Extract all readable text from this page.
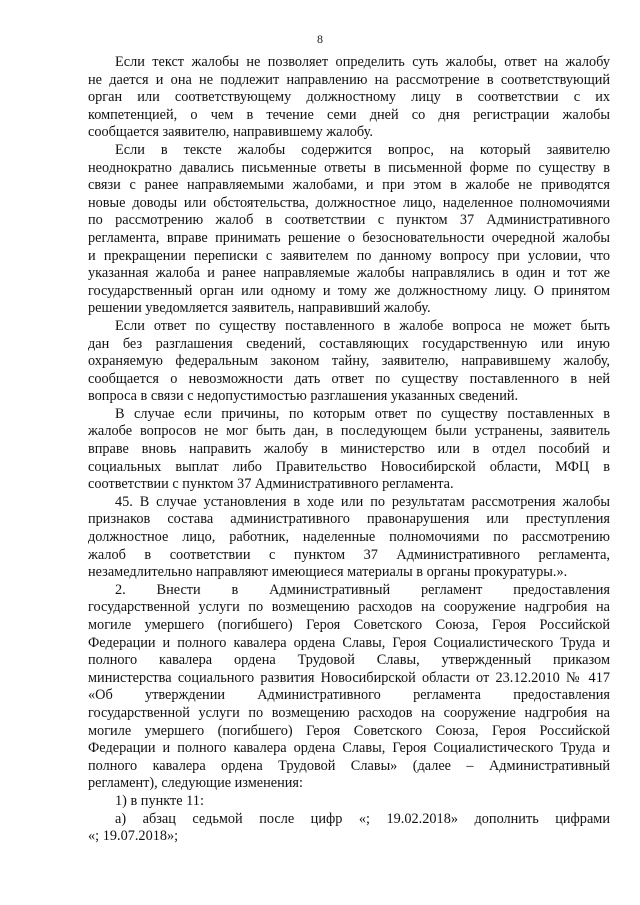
8
Если текст жалобы не позволяет определить суть жалобы, ответ на жалобу
не дается и она не подлежит направлению на рассмотрение в соответствующий
орган или соответствующему должностному лицу в соответствии с их
компетенцией, о чем в течение семи дней со дня регистрации жалобы
сообщается заявителю, направившему жалобу.
Если в тексте жалобы содержится вопрос, на который заявителю
неоднократно давались письменные ответы в письменной форме по существу в
связи с ранее направляемыми жалобами, и при этом в жалобе не приводятся
новые доводы или обстоятельства, должностное лицо, наделенное полномочиями
по рассмотрению жалоб в соответствии с пунктом 37 Административного
регламента, вправе принимать решение о безосновательности очередной жалобы
и прекращении переписки с заявителем по данному вопросу при условии, что
указанная жалоба и ранее направляемые жалобы направлялись в один и тот же
государственный орган или одному и тому же должностному лицу. О принятом
решении уведомляется заявитель, направивший жалобу.
Если ответ по существу поставленного в жалобе вопроса не может быть
дан без разглашения сведений, составляющих государственную или иную
охраняемую федеральным законом тайну, заявителю, направившему жалобу,
сообщается о невозможности дать ответ по существу поставленного в ней
вопроса в связи с недопустимостью разглашения указанных сведений.
В случае если причины, по которым ответ по существу поставленных в
жалобе вопросов не мог быть дан, в последующем были устранены, заявитель
вправе вновь направить жалобу в министерство или в отдел пособий и
социальных выплат либо Правительство Новосибирской области, МФЦ в
соответствии с пунктом 37 Административного регламента.
45. В случае установления в ходе или по результатам рассмотрения жалобы
признаков состава административного правонарушения или преступления
должностное лицо, работник, наделенные полномочиями по рассмотрению
жалоб в соответствии с пунктом 37 Административного регламента,
незамедлительно направляют имеющиеся материалы в органы прокуратуры.».
2. Внести в Административный регламент предоставления
государственной услуги по возмещению расходов на сооружение надгробия на
могиле умершего (погибшего) Героя Советского Союза, Героя Российской
Федерации и полного кавалера ордена Славы, Героя Социалистического Труда и
полного кавалера ордена Трудовой Славы, утвержденный приказом
министерства социального развития Новосибирской области от 23.12.2010 № 417
«Об утверждении Административного регламента предоставления
государственной услуги по возмещению расходов на сооружение надгробия на
могиле умершего (погибшего) Героя Советского Союза, Героя Российской
Федерации и полного кавалера ордена Славы, Героя Социалистического Труда и
полного кавалера ордена Трудовой Славы» (далее – Административный
регламент), следующие изменения:
1) в пункте 11:
а) абзац седьмой после цифр «; 19.02.2018» дополнить цифрами
«; 19.07.2018»;
